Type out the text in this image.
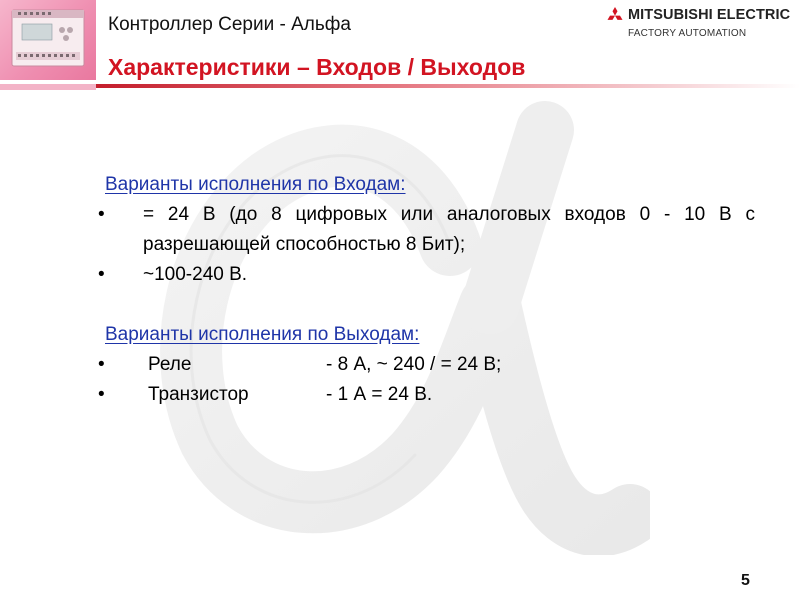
Контроллер Серии - Альфа
Характеристики – Входов / Выходов
MITSUBISHI ELECTRIC
FACTORY AUTOMATION
Варианты исполнения по Входам:
• = 24 В (до 8 цифровых или аналоговых входов 0 - 10 В с разрешающей способностью 8 Бит);
• ~100-240 В.
Варианты исполнения по Выходам:
• Реле	- 8 А, ~ 240 / = 24 В;
• Транзистор	- 1 А = 24 В.
5
